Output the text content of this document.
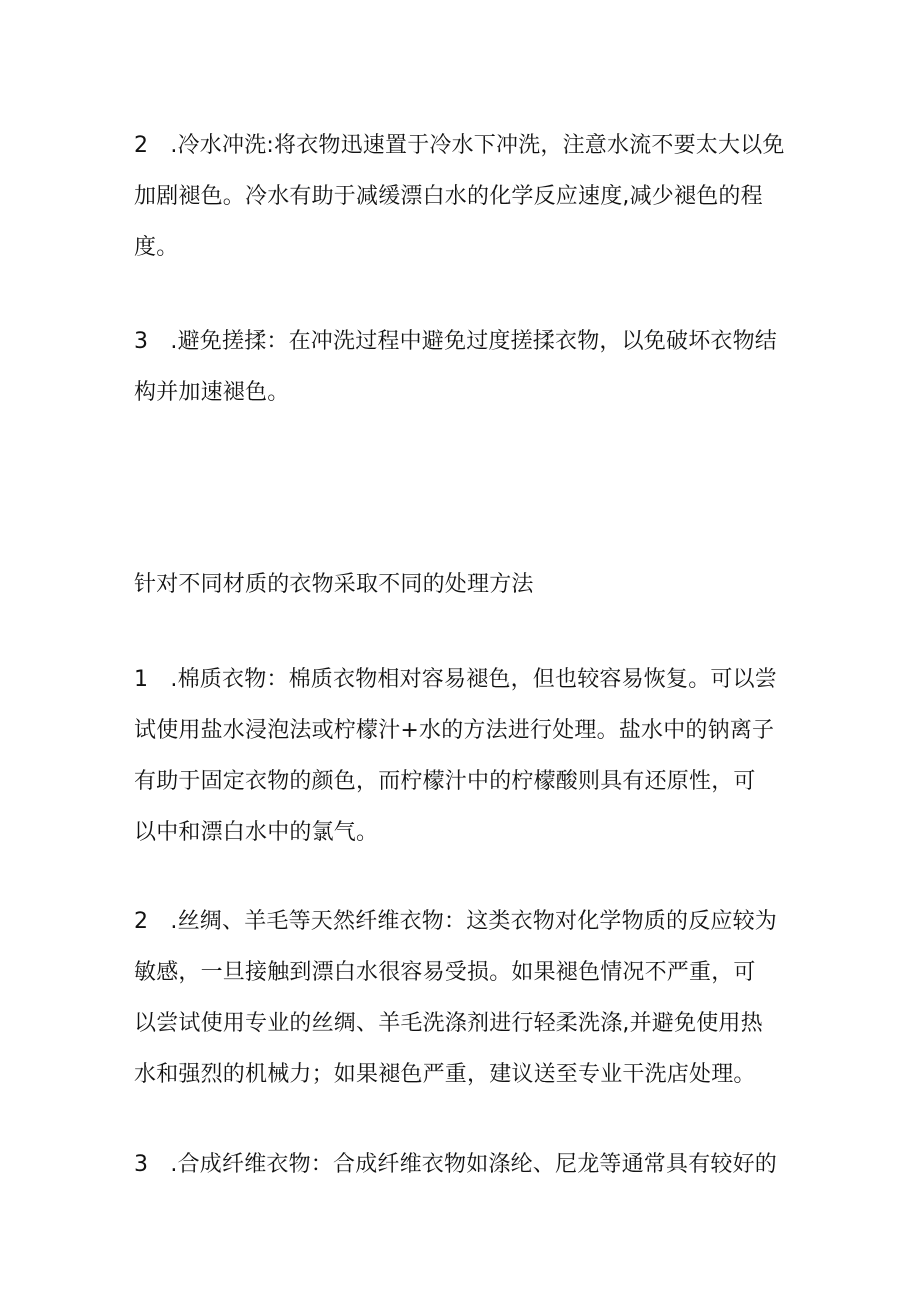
2　.冷水冲洗:将衣物迅速置于冷水下冲洗，注意水流不要太大以免
加剧褪色。冷水有助于减缓漂白水的化学反应速度,减少褪色的程
度。
3　.避免搓揉：在冲洗过程中避免过度搓揉衣物，以免破坏衣物结
构并加速褪色。
针对不同材质的衣物采取不同的处理方法
1　.棉质衣物：棉质衣物相对容易褪色，但也较容易恢复。可以尝
试使用盐水浸泡法或柠檬汁+水的方法进行处理。盐水中的钠离子
有助于固定衣物的颜色，而柠檬汁中的柠檬酸则具有还原性，可
以中和漂白水中的氯气。
2　.丝绸、羊毛等天然纤维衣物：这类衣物对化学物质的反应较为
敏感，一旦接触到漂白水很容易受损。如果褪色情况不严重，可
以尝试使用专业的丝绸、羊毛洗涤剂进行轻柔洗涤,并避免使用热
水和强烈的机械力；如果褪色严重，建议送至专业干洗店处理。
3　.合成纤维衣物：合成纤维衣物如涤纶、尼龙等通常具有较好的
